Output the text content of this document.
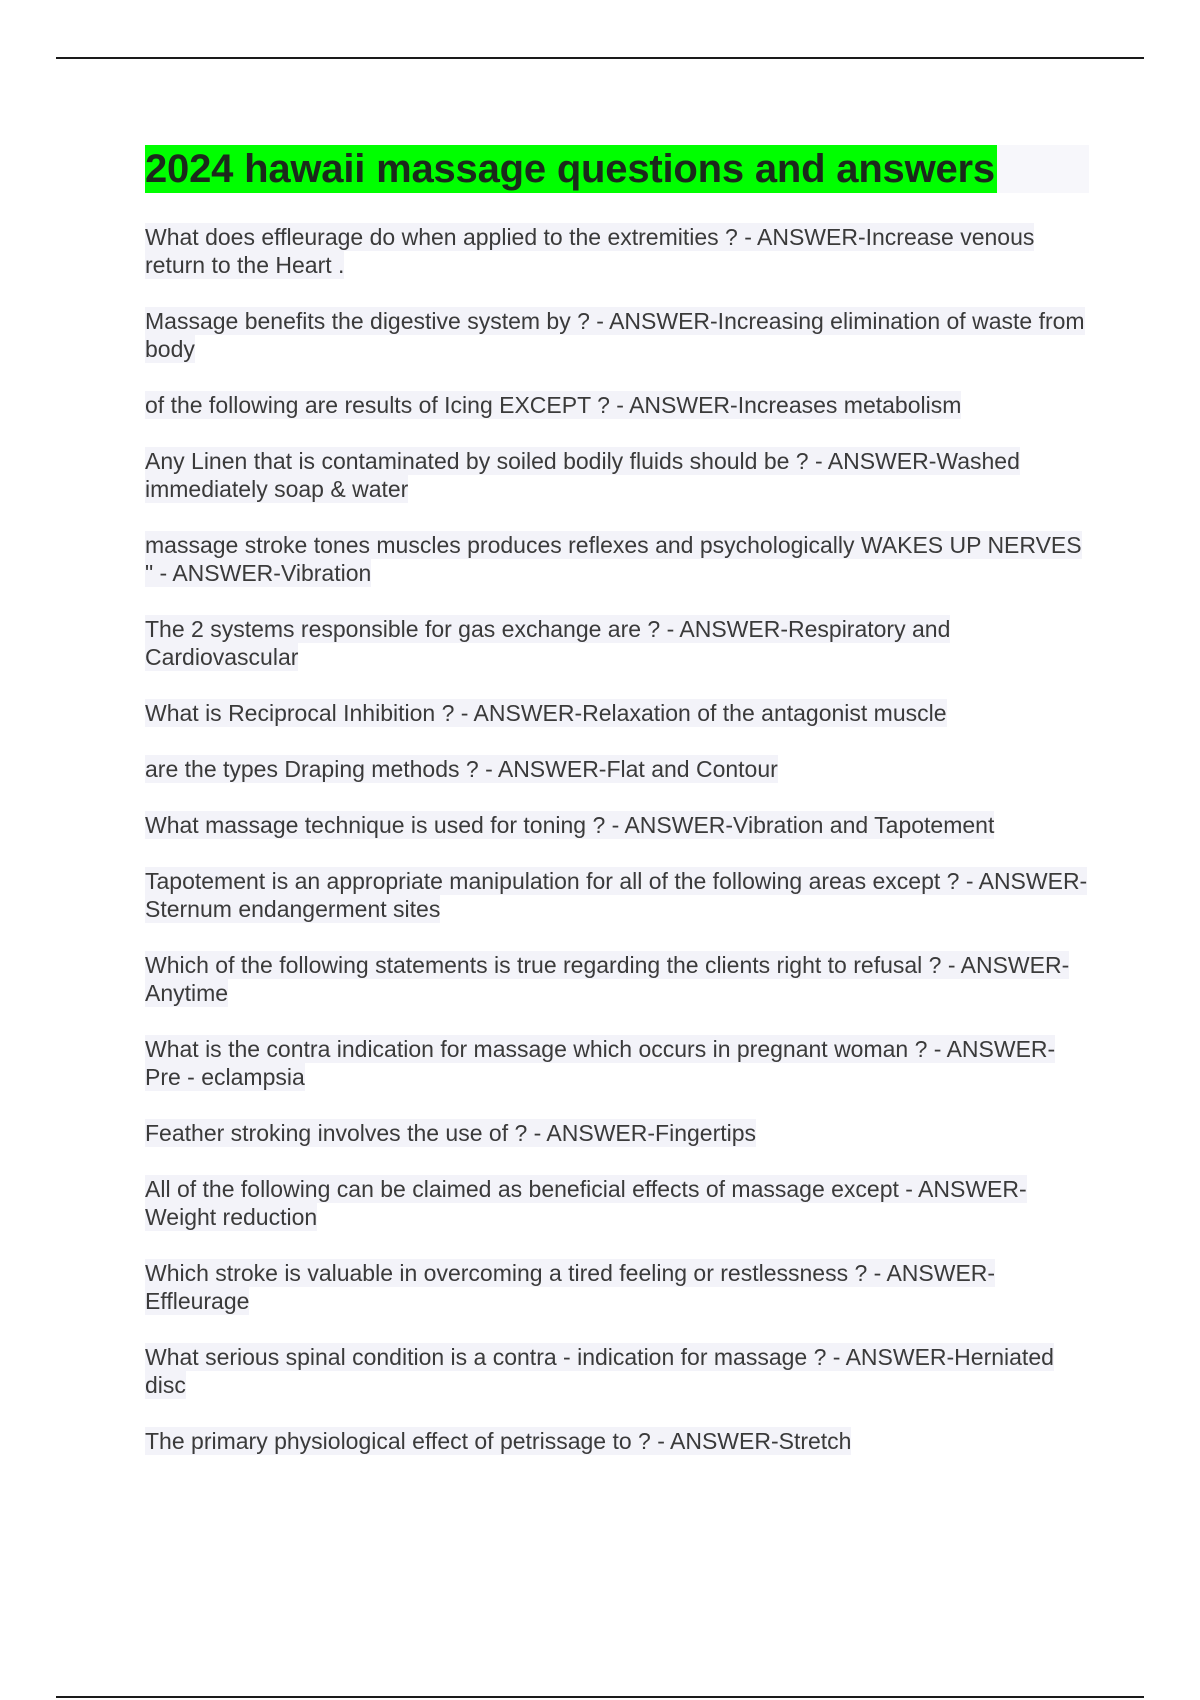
2024 hawaii massage questions and answers
What does effleurage do when applied to the extremities ? - ANSWER-Increase venous return to the Heart .
Massage benefits the digestive system by ? - ANSWER-Increasing elimination of waste from body
of the following are results of Icing EXCEPT ? - ANSWER-Increases metabolism
Any Linen that is contaminated by soiled bodily fluids should be ? - ANSWER-Washed immediately soap & water
massage stroke tones muscles produces reflexes and psychologically WAKES UP NERVES " - ANSWER-Vibration
The 2 systems responsible for gas exchange are ? - ANSWER-Respiratory and Cardiovascular
What is Reciprocal Inhibition ? - ANSWER-Relaxation of the antagonist muscle
are the types Draping methods ? - ANSWER-Flat and Contour
What massage technique is used for toning ? - ANSWER-Vibration and Tapotement
Tapotement is an appropriate manipulation for all of the following areas except ? - ANSWER-Sternum endangerment sites
Which of the following statements is true regarding the clients right to refusal ? - ANSWER-Anytime
What is the contra indication for massage which occurs in pregnant woman ? - ANSWER-Pre - eclampsia
Feather stroking involves the use of ? - ANSWER-Fingertips
All of the following can be claimed as beneficial effects of massage except - ANSWER-Weight reduction
Which stroke is valuable in overcoming a tired feeling or restlessness ? - ANSWER-Effleurage
What serious spinal condition is a contra - indication for massage ? - ANSWER-Herniated disc
The primary physiological effect of petrissage to ? - ANSWER-Stretch
